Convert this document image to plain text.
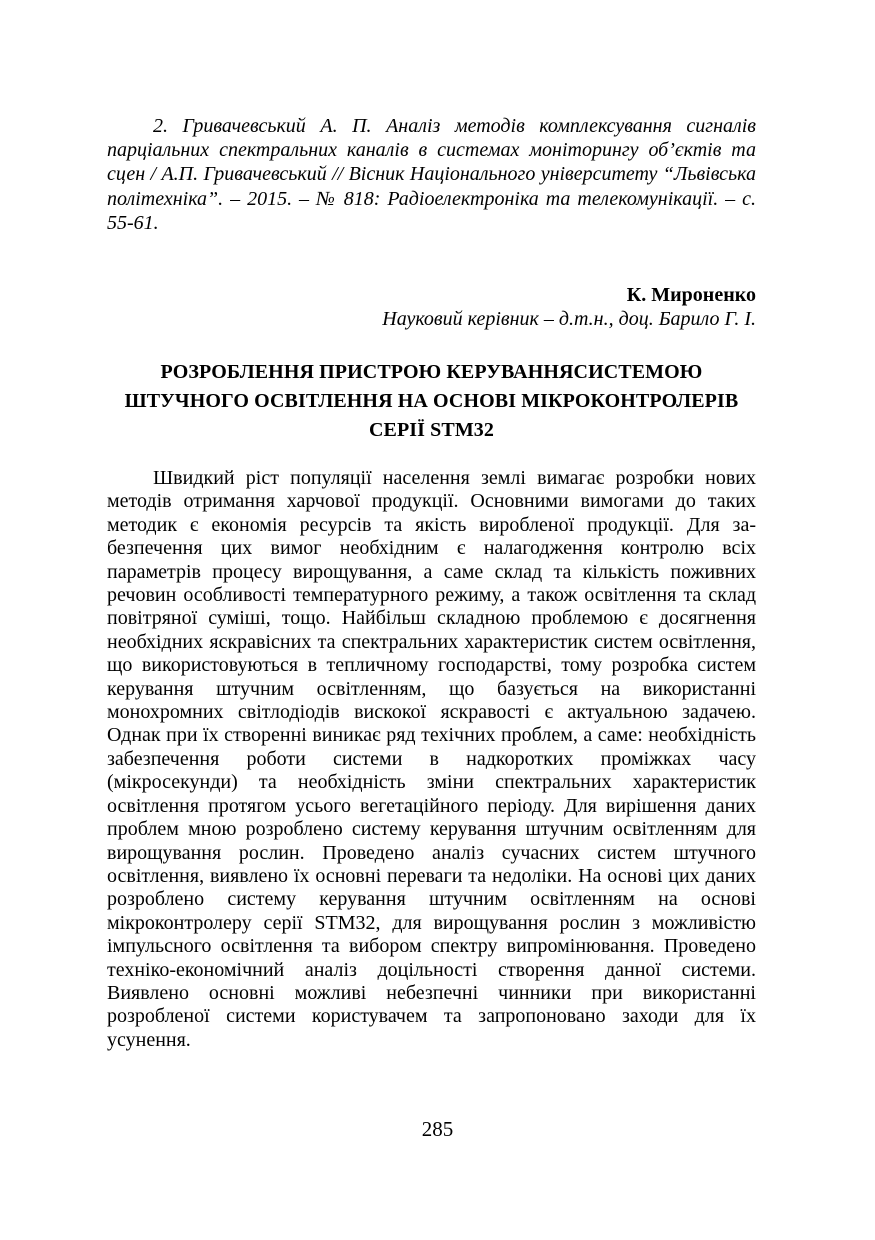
2. Гривачевський А. П. Аналіз методів комплексування сигналів парціальних спектральних каналів в системах моніторингу об’єктів та сцен / А.П. Гривачевський // Вісник Національного університету “Львівська політехніка”. – 2015. – № 818: Радіоелектроніка та телекомунікації. – с. 55-61.

К. Мироненко

Науковий керівник – д.т.н., доц. Барило Г. І.

РОЗРОБЛЕННЯ ПРИСТРОЮ КЕРУВАННЯСИСТЕМОЮ
ШТУЧНОГО ОСВІТЛЕННЯ НА ОСНОВІ МІКРОКОНТРОЛЕРІВ
СЕРІЇ STM32

Швидкий ріст популяції населення землі вимагає розробки нових методів отримання харчової продукції. Основними вимогами до таких методик є економія ресурсів та якість виробленої продукції. Для забезпечення цих вимог необхідним є налагодження контролю всіх параметрів процесу вирощування, а саме склад та кількість поживних речовин особливості температурного режиму, а також освітлення та склад повітряної суміші, тощо. Найбільш складною проблемою є досягнення необхідних яскравісних та спектральних характеристик систем освітлення, що використовуються в тепличному господарстві, тому розробка систем керування штучним освітленням, що базується на використанні монохромних світлодіодів вискокої яскравості є актуальною задачею. Однак при їх створенні виникає ряд техічних проблем, а саме: необхідність забезпечення роботи системи в надкоротких проміжках часу (мікросекунди) та необхідність зміни спектральних характеристик освітлення протягом усього вегетаційного періоду. Для вирішення даних проблем мною розроблено систему керування штучним освітленням для вирощування рослин. Проведено аналіз сучасних систем штучного освітлення, виявлено їх основні переваги та недоліки. На основі цих даних розроблено систему керування штучним освітленням на основі мікроконтролеру серії STM32, для вирощування рослин з можливістю імпульсного освітлення та вибором спектру випромінювання. Проведено техніко-економічний аналіз доцільності створення данної системи. Виявлено основні можливі небезпечні чинники при використанні розробленої системи користувачем та запропоновано заходи для їх усунення.

285
